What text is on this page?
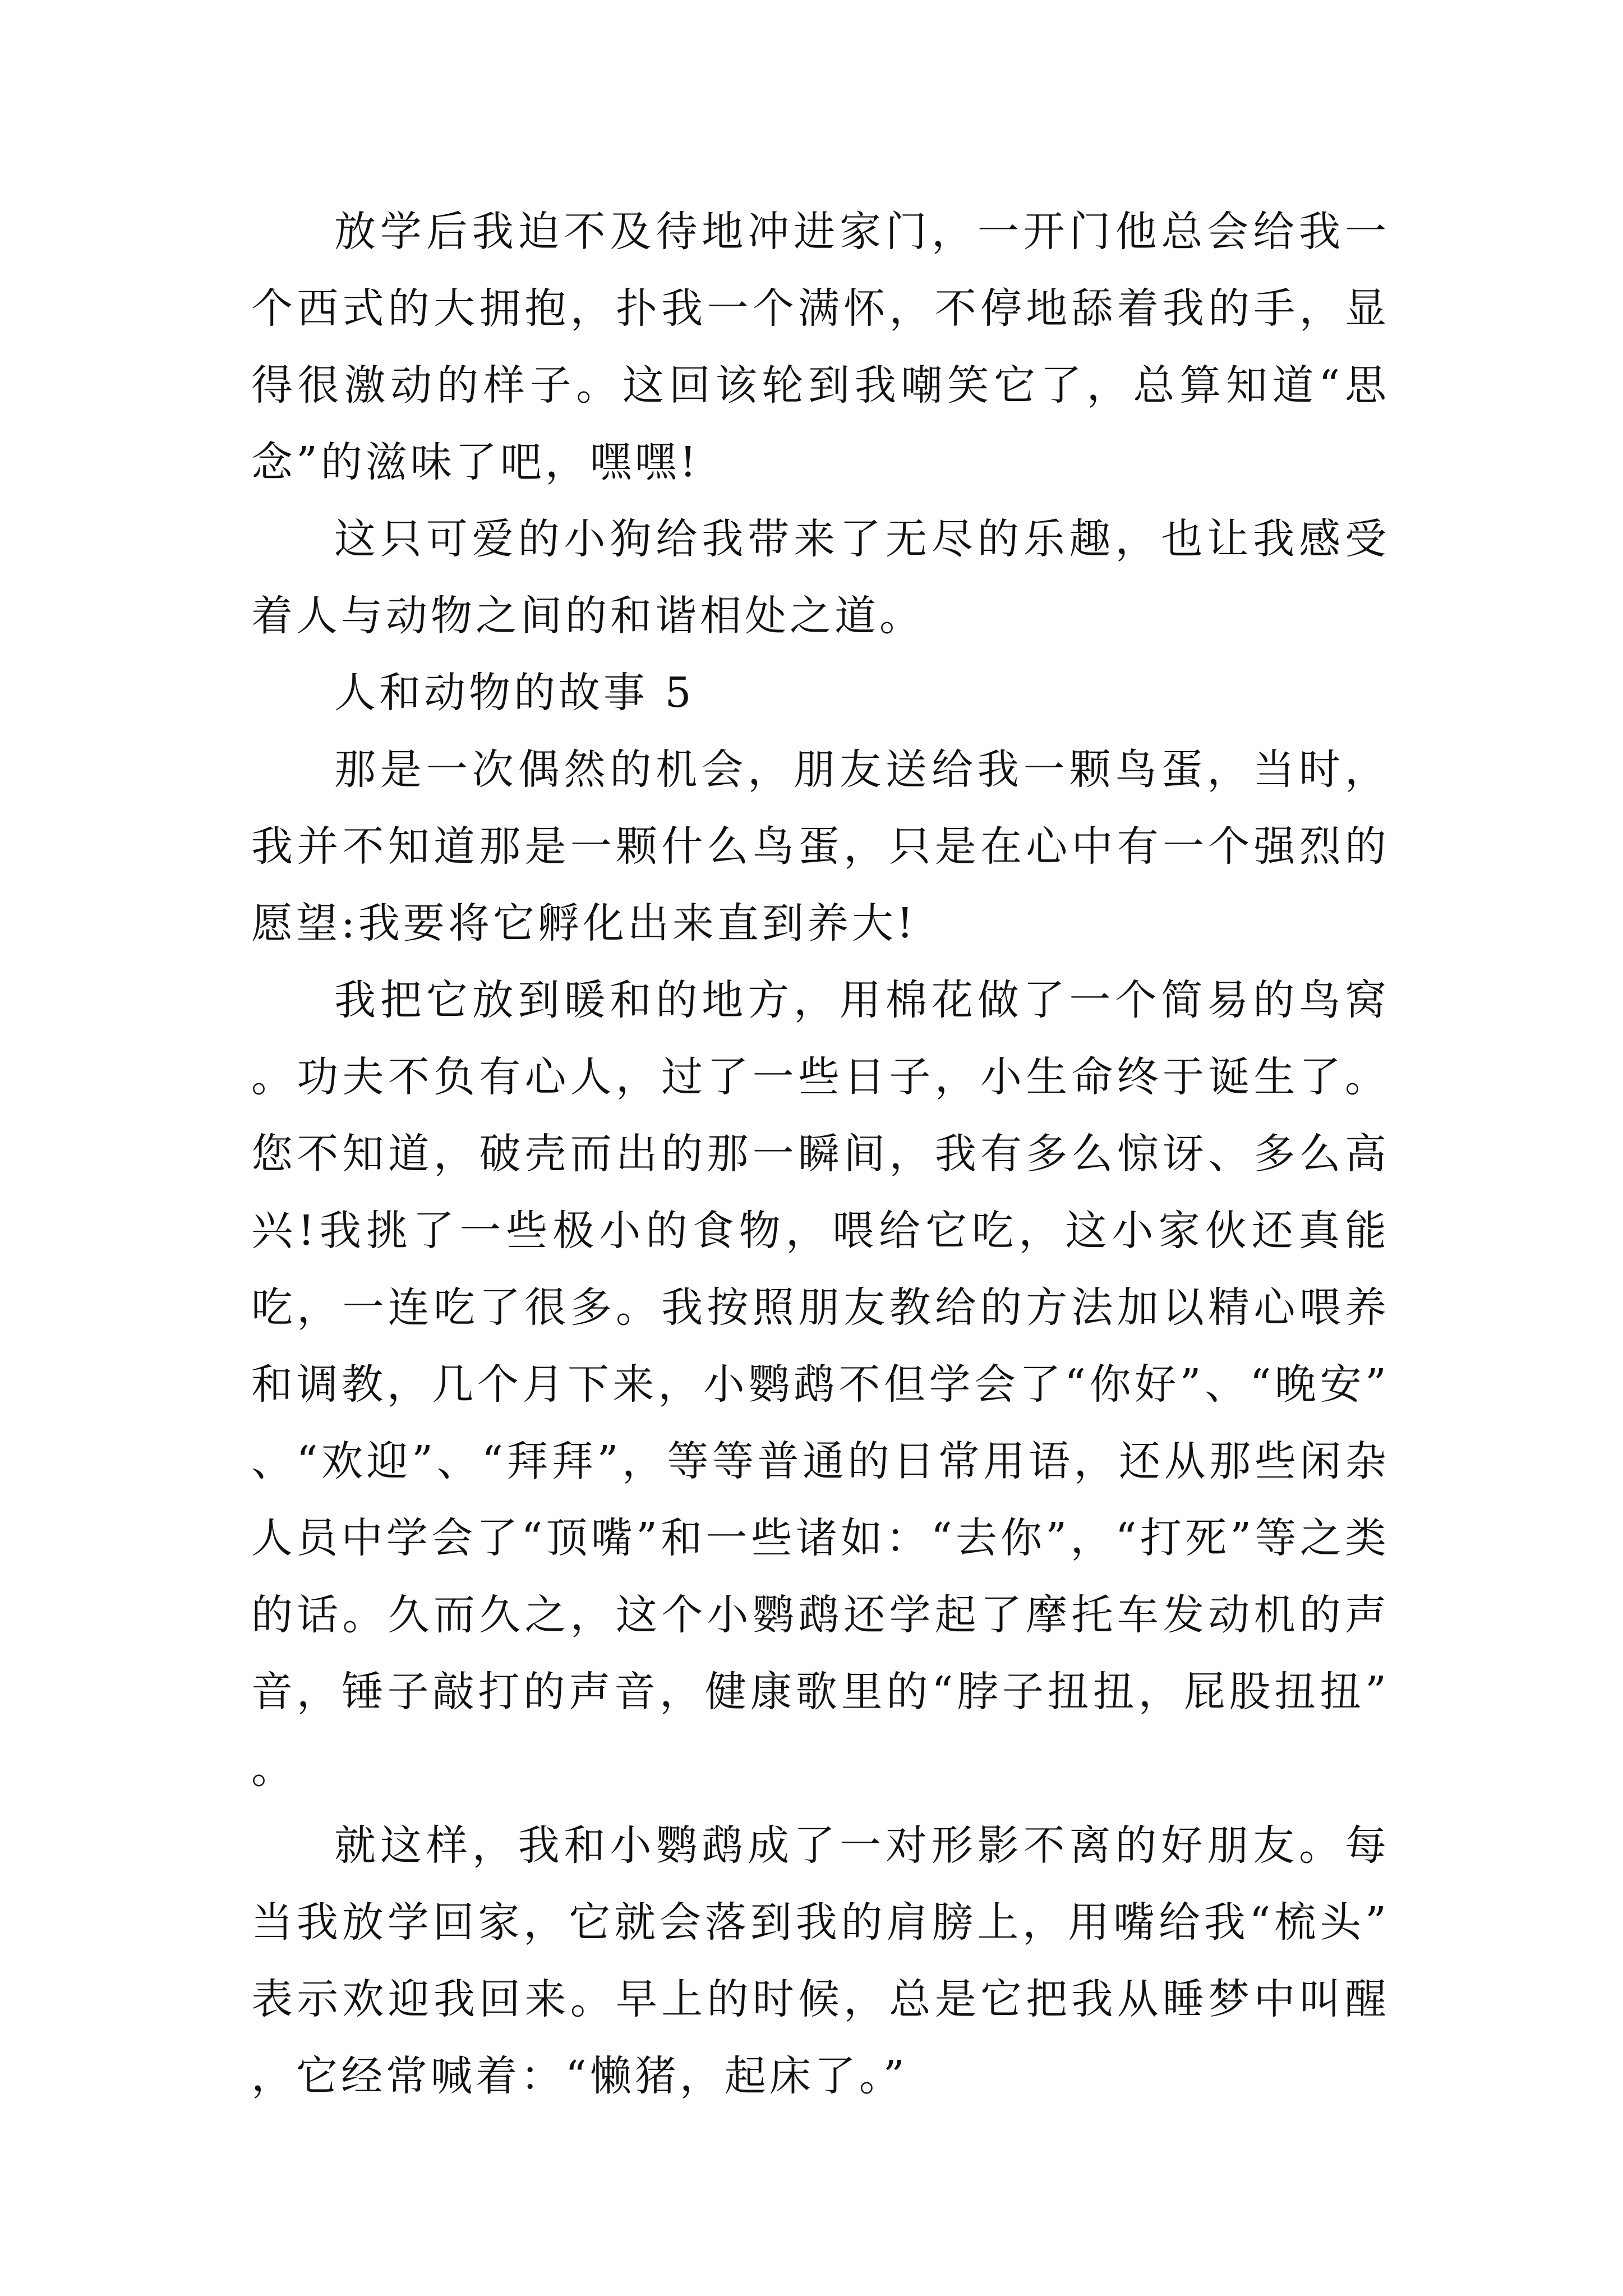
放学后我迫不及待地冲进家门，一开门他总会给我一个西式的大拥抱，扑我一个满怀，不停地舔着我的手，显得很激动的样子。这回该轮到我嘲笑它了，总算知道“思念”的滋味了吧，嘿嘿!

这只可爱的小狗给我带来了无尽的乐趣，也让我感受着人与动物之间的和谐相处之道。

人和动物的故事 5

那是一次偶然的机会，朋友送给我一颗鸟蛋，当时，我并不知道那是一颗什么鸟蛋，只是在心中有一个强烈的愿望:我要将它孵化出来直到养大!

我把它放到暖和的地方，用棉花做了一个简易的鸟窝。功夫不负有心人，过了一些日子，小生命终于诞生了。您不知道，破壳而出的那一瞬间，我有多么惊讶、多么高兴!我挑了一些极小的食物，喂给它吃，这小家伙还真能吃，一连吃了很多。我按照朋友教给的方法加以精心喂养和调教，几个月下来，小鹦鹉不但学会了“你好”、“晚安”、“欢迎”、“拜拜”，等等普通的日常用语，还从那些闲杂人员中学会了“顶嘴”和一些诸如：“去你”，“打死”等之类的话。久而久之，这个小鹦鹉还学起了摩托车发动机的声音，锤子敲打的声音，健康歌里的“脖子扭扭，屁股扭扭”。

就这样，我和小鹦鹉成了一对形影不离的好朋友。每当我放学回家，它就会落到我的肩膀上，用嘴给我“梳头”表示欢迎我回来。早上的时候，总是它把我从睡梦中叫醒，它经常喊着：“懒猪，起床了。”
